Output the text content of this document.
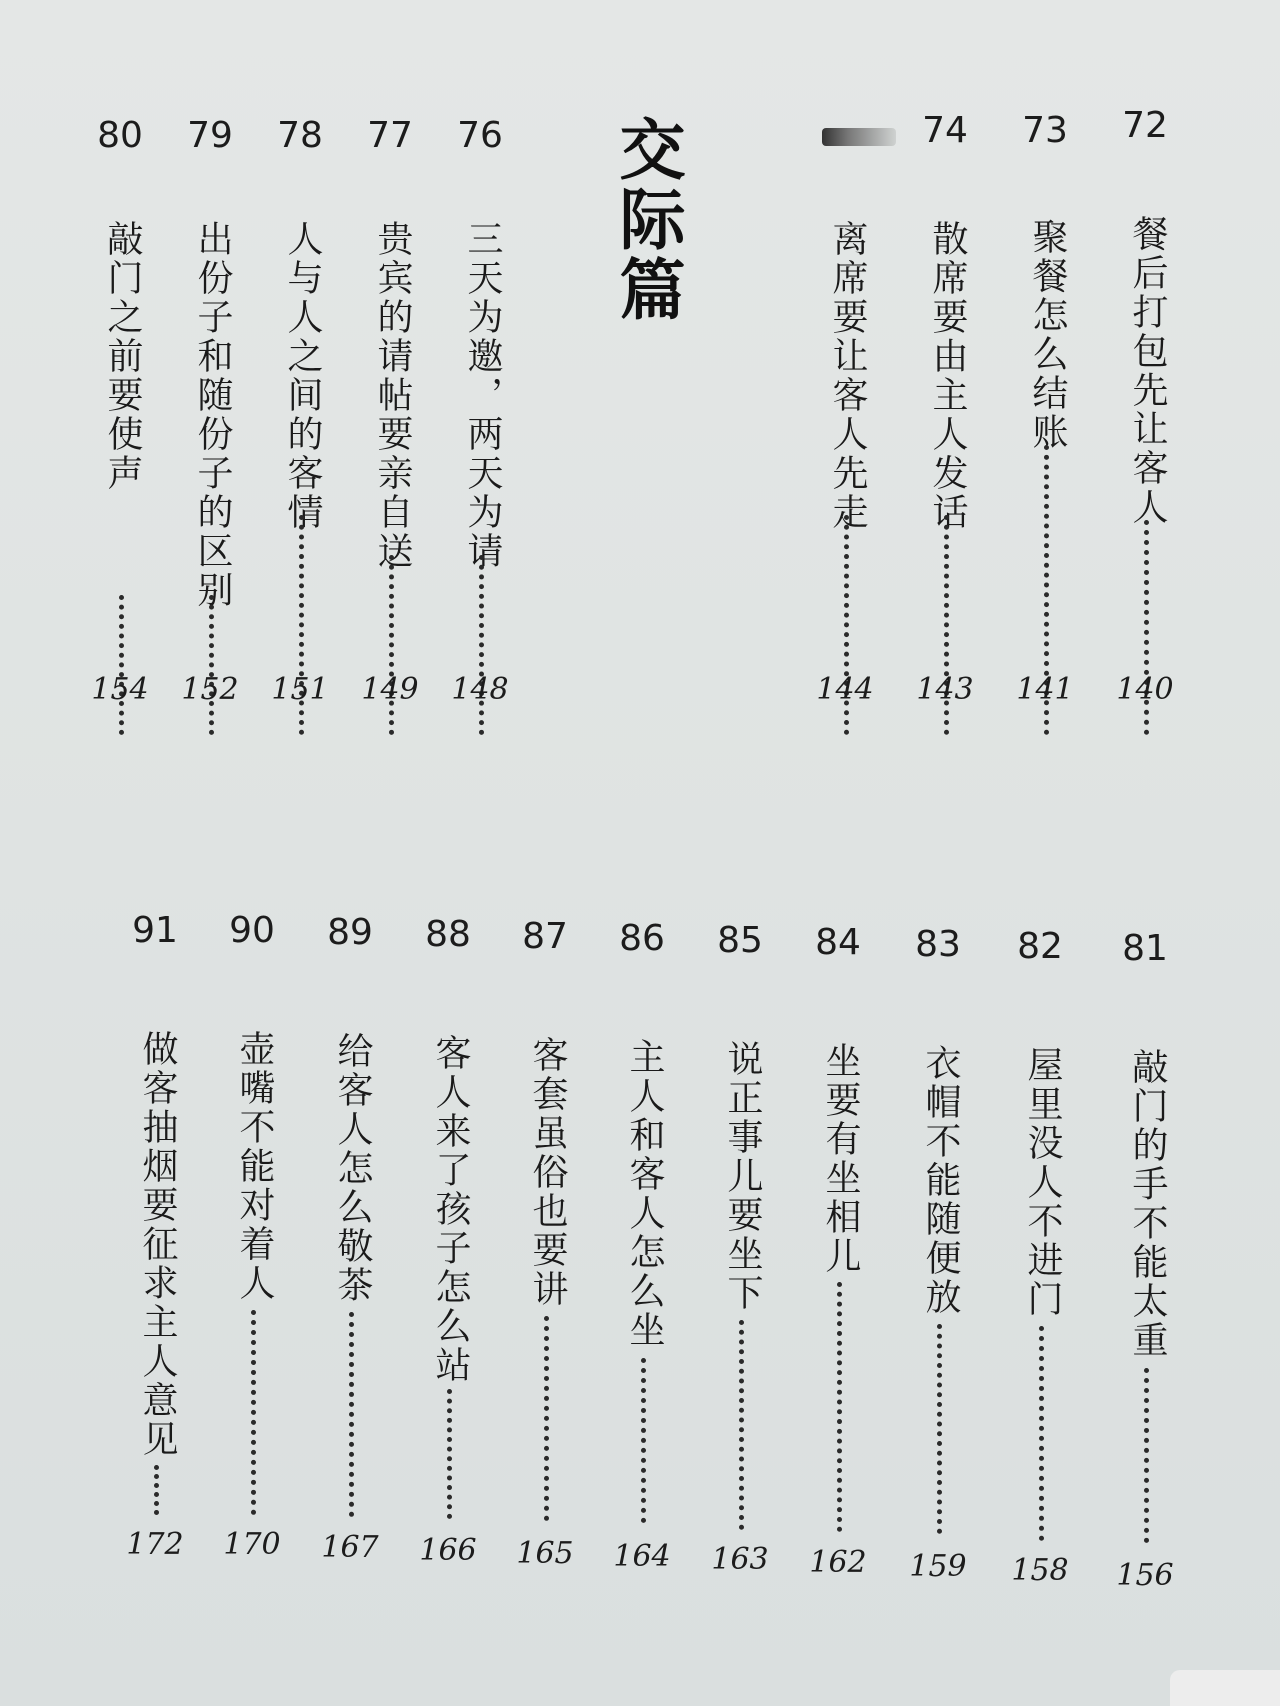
交际篇
80
敲门之前要使声
154
79
出份子和随份子的区别
152
78
人与人之间的客情
151
77
贵宾的请帖要亲自送
149
76
三天为邀，两天为请
148
离席要让客人先走
144
74
散席要由主人发话
143
73
聚餐怎么结账
141
72
餐后打包先让客人
140
91
做客抽烟要征求主人意见
172
90
壶嘴不能对着人
170
89
给客人怎么敬茶
167
88
客人来了孩子怎么站
166
87
客套虽俗也要讲
165
86
主人和客人怎么坐
164
85
说正事儿要坐下
163
84
坐要有坐相儿
162
83
衣帽不能随便放
159
82
屋里没人不进门
158
81
敲门的手不能太重
156
